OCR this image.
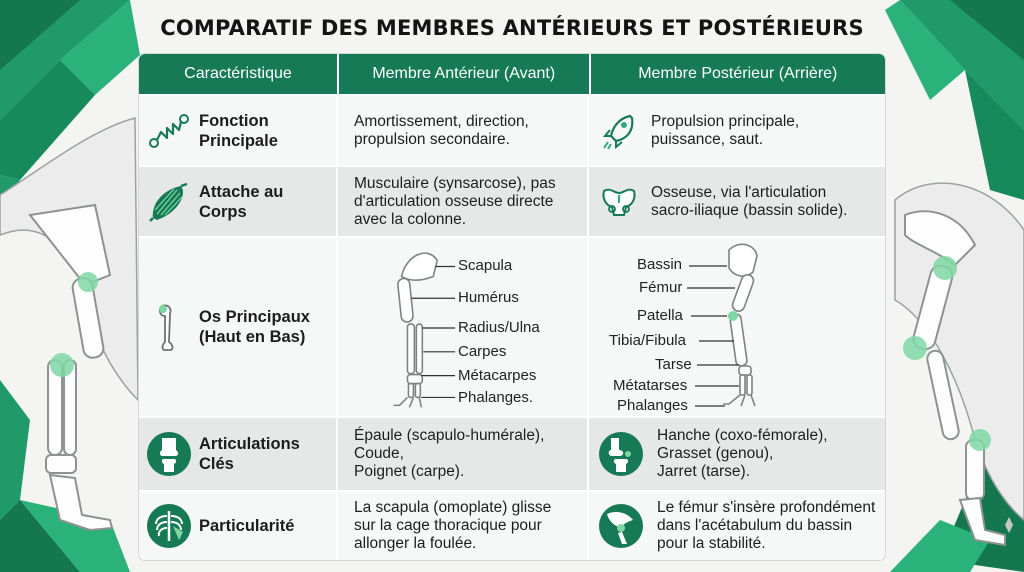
COMPARATIF DES MEMBRES ANTÉRIEURS ET POSTÉRIEURS
Caractéristique	Membre Antérieur (Avant)	Membre Postérieur (Arrière)
Fonction
Principale
Amortissement, direction,
propulsion secondaire.
Propulsion principale,
puissance, saut.
Attache au
Corps
Musculaire (synsarcose), pas
d'articulation osseuse directe
avec la colonne.
Osseuse, via l'articulation
sacro-iliaque (bassin solide).
Os Principaux
(Haut en Bas)
Scapula
Humérus
Radius/Ulna
Carpes
Métacarpes
Phalanges.
Bassin
Fémur
Patella
Tibia/Fibula
Tarse
Métatarses
Phalanges
Articulations
Clés
Épaule (scapulo-humérale),
Coude,
Poignet (carpe).
Hanche (coxo-fémorale),
Grasset (genou),
Jarret (tarse).
Particularité
La scapula (omoplate) glisse
sur la cage thoracique pour
allonger la foulée.
Le fémur s'insère profondément
dans l'acétabulum du bassin
pour la stabilité.
